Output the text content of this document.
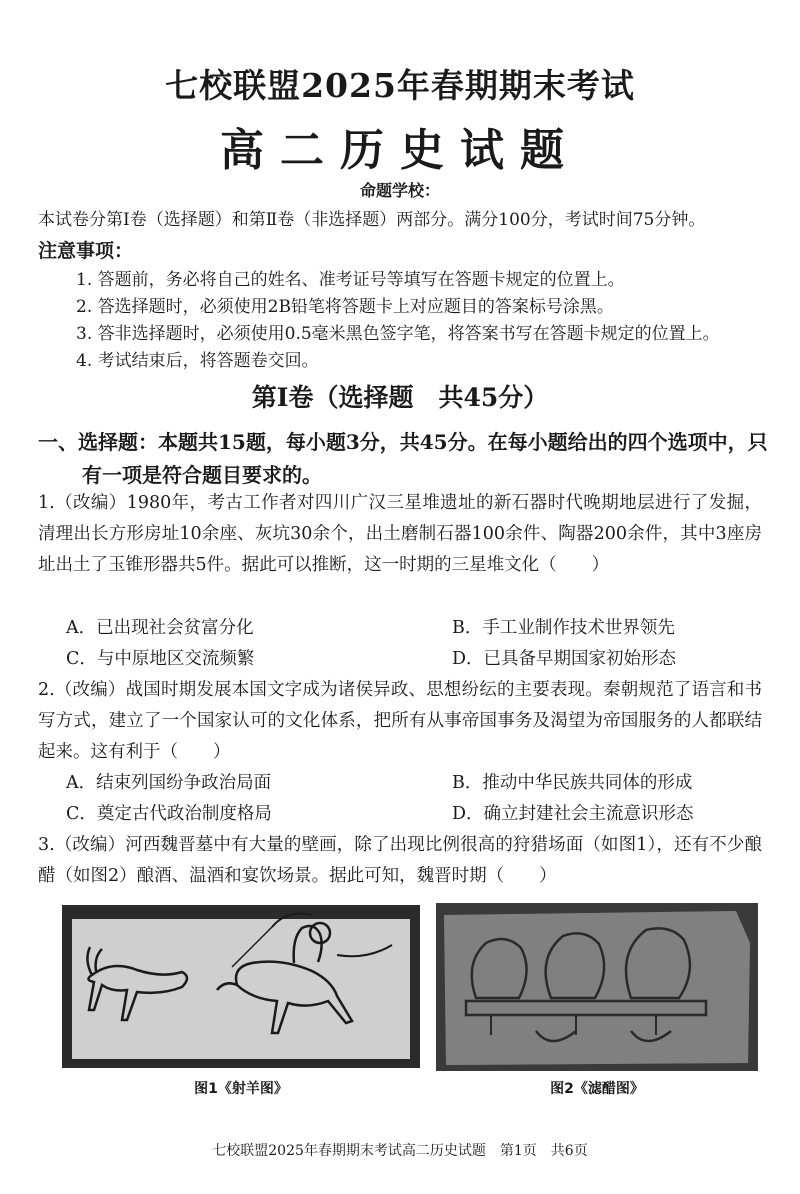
七校联盟2025年春期期末考试
高二历史试题
命题学校：
本试卷分第Ⅰ卷（选择题）和第Ⅱ卷（非选择题）两部分。满分100分，考试时间75分钟。
注意事项：
1. 答题前，务必将自己的姓名、准考证号等填写在答题卡规定的位置上。
2. 答选择题时，必须使用2B铅笔将答题卡上对应题目的答案标号涂黑。
3. 答非选择题时，必须使用0.5毫米黑色签字笔，将答案书写在答题卡规定的位置上。
4. 考试结束后，将答题卷交回。
第Ⅰ卷（选择题　共45分）
一、选择题：本题共15题，每小题3分，共45分。在每小题给出的四个选项中，只有一项是符合题目要求的。
1.（改编）1980年，考古工作者对四川广汉三星堆遗址的新石器时代晚期地层进行了发掘，清理出长方形房址10余座、灰坑30余个，出土磨制石器100余件、陶器200余件，其中3座房址出土了玉锥形器共5件。据此可以推断，这一时期的三星堆文化（　　）
A．已出现社会贫富分化	B．手工业制作技术世界领先
C．与中原地区交流频繁	D．已具备早期国家初始形态
2.（改编）战国时期发展本国文字成为诸侯异政、思想纷纭的主要表现。秦朝规范了语言和书写方式，建立了一个国家认可的文化体系，把所有从事帝国事务及渴望为帝国服务的人都联结起来。这有利于（　　）
A．结束列国纷争政治局面	B．推动中华民族共同体的形成
C．奠定古代政治制度格局	D．确立封建社会主流意识形态
3.（改编）河西魏晋墓中有大量的壁画，除了出现比例很高的狩猎场面（如图1），还有不少酿醋（如图2）酿酒、温酒和宴饮场景。据此可知，魏晋时期（　　）
图1《射羊图》	图2《滤醋图》
七校联盟2025年春期期末考试高二历史试题　第1页　共6页
